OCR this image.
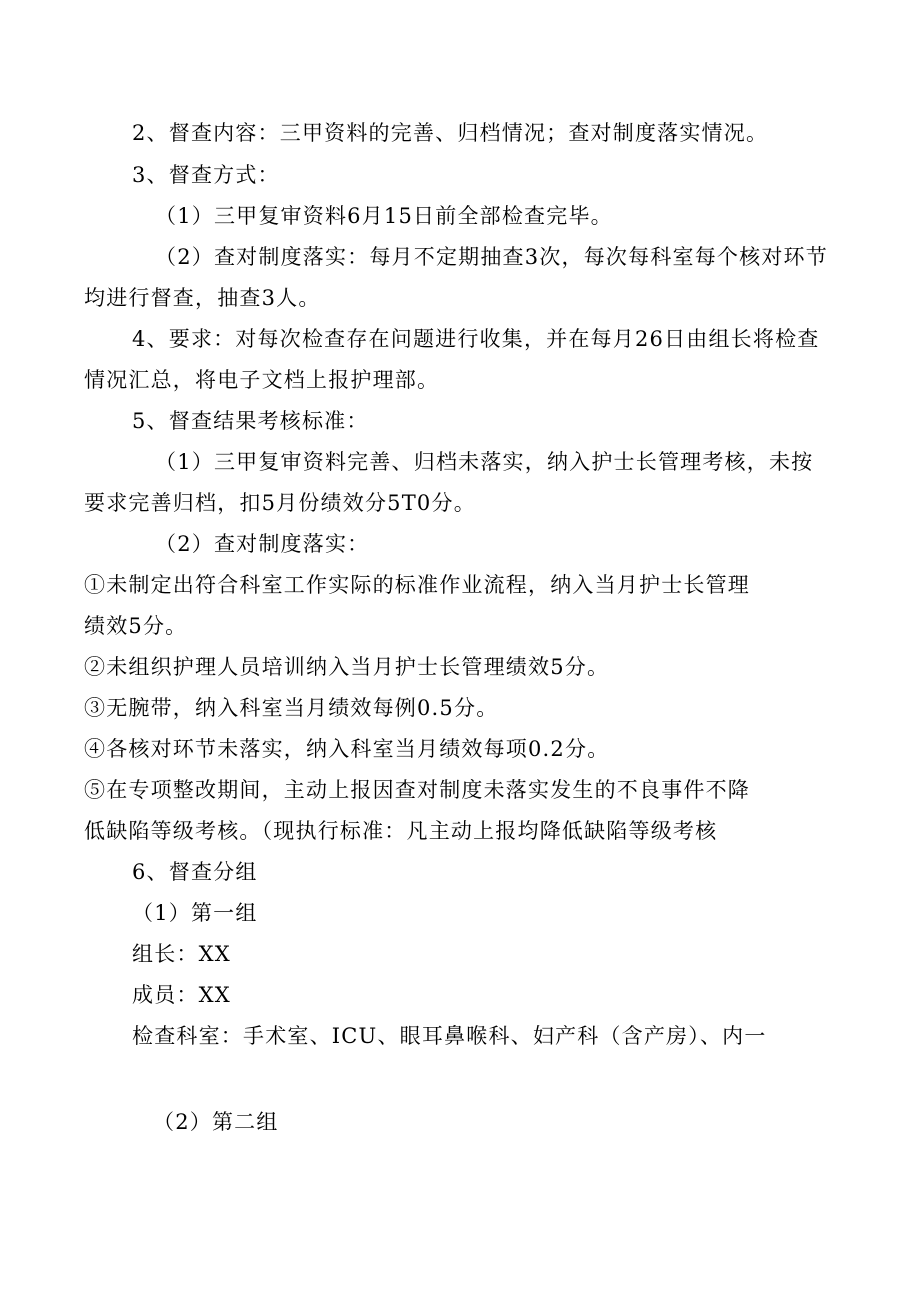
2、督查内容：三甲资料的完善、归档情况；查对制度落实情况。
3、督查方式：
（1）三甲复审资料6月15日前全部检查完毕。
（2）查对制度落实：每月不定期抽查3次，每次每科室每个核对环节
均进行督查，抽查3人。
4、要求：对每次检查存在问题进行收集，并在每月26日由组长将检查
情况汇总，将电子文档上报护理部。
5、督查结果考核标准：
（1）三甲复审资料完善、归档未落实，纳入护士长管理考核，未按
要求完善归档，扣5月份绩效分5T0分。
（2）查对制度落实：
①未制定出符合科室工作实际的标准作业流程，纳入当月护士长管理
绩效5分。
②未组织护理人员培训纳入当月护士长管理绩效5分。
③无腕带，纳入科室当月绩效每例0.5分。
④各核对环节未落实，纳入科室当月绩效每项0.2分。
⑤在专项整改期间，主动上报因查对制度未落实发生的不良事件不降
低缺陷等级考核。（现执行标准：凡主动上报均降低缺陷等级考核
6、督查分组
（1）第一组
组长：XX
成员：XX
检查科室：手术室、ICU、眼耳鼻喉科、妇产科（含产房）、内一
（2）第二组
